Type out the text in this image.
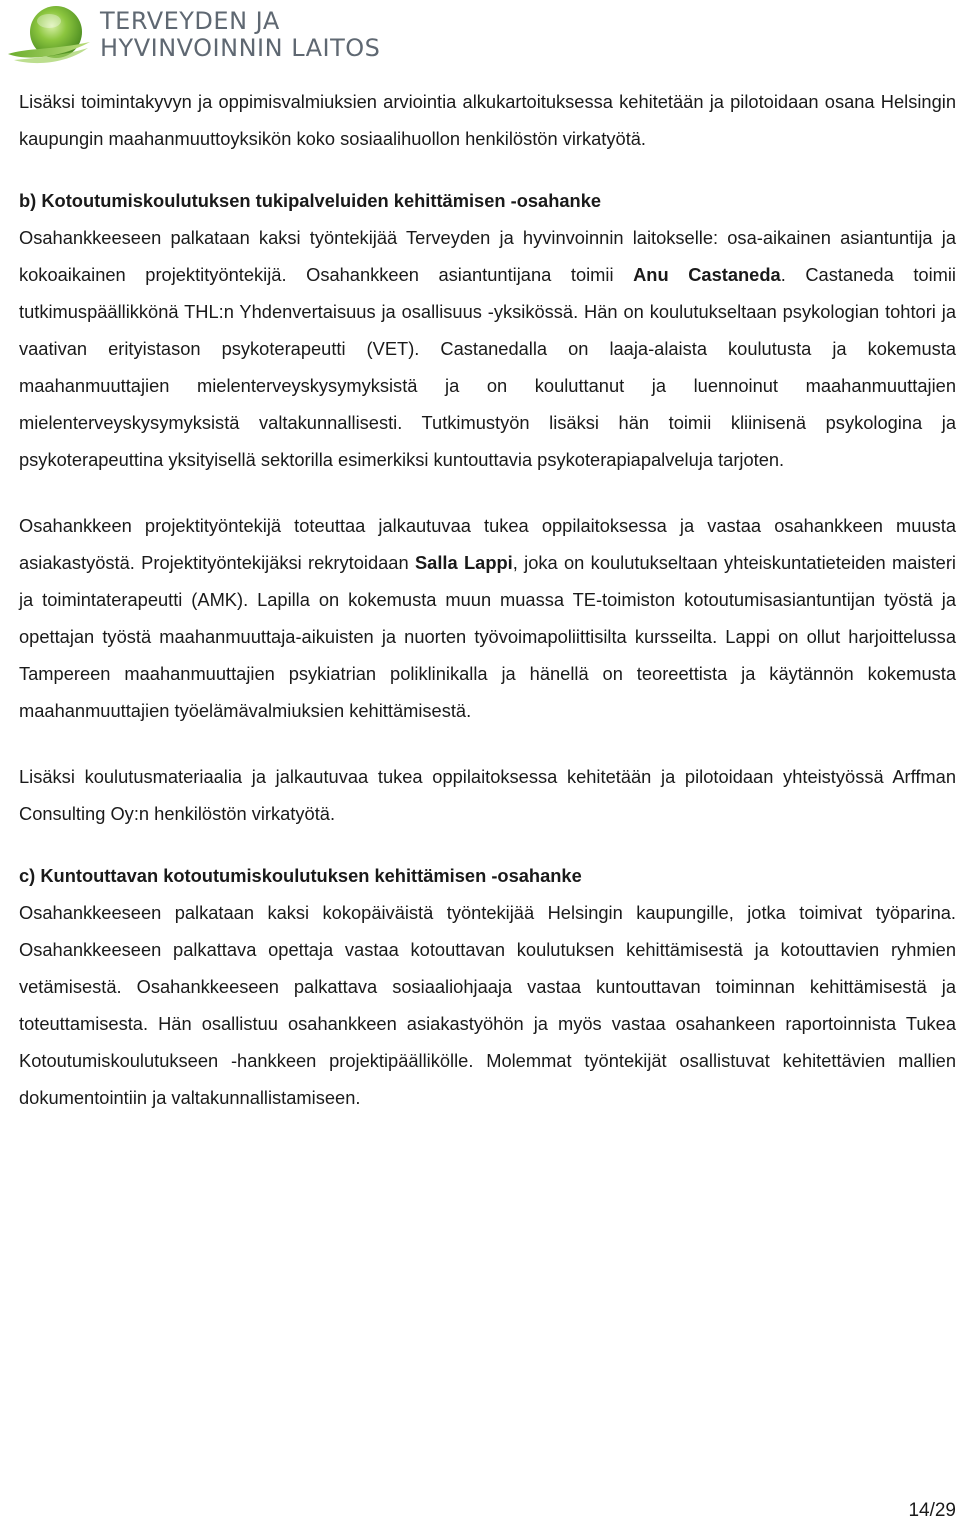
TERVEYDEN JA
HYVINVOINNIN LAITOS

Lisäksi toimintakyvyn ja oppimisvalmiuksien arviointia alkukartoituksessa kehitetään ja pilotoidaan osana Helsingin kaupungin maahanmuuttoyksikön koko sosiaalihuollon henkilöstön virkatyötä.

b) Kotoutumiskoulutuksen tukipalveluiden kehittämisen -osahanke

Osahankkeeseen palkataan kaksi työntekijää Terveyden ja hyvinvoinnin laitokselle: osa-aikainen asiantuntija ja kokoaikainen projektityöntekijä. Osahankkeen asiantuntijana toimii Anu Castaneda. Castaneda toimii tutkimuspäällikkönä THL:n Yhdenvertaisuus ja osallisuus -yksikössä. Hän on koulutukseltaan psykologian tohtori ja vaativan erityistason psykoterapeutti (VET). Castanedalla on laaja-alaista koulutusta ja kokemusta maahanmuuttajien mielenterveyskysymyksistä ja on kouluttanut ja luennoinut maahanmuuttajien mielenterveyskysymyksistä valtakunnallisesti. Tutkimustyön lisäksi hän toimii kliinisenä psykologina ja psykoterapeuttina yksityisellä sektorilla esimerkiksi kuntouttavia psykoterapiapalveluja tarjoten.

Osahankkeen projektityöntekijä toteuttaa jalkautuvaa tukea oppilaitoksessa ja vastaa osahankkeen muusta asiakastyöstä. Projektityöntekijäksi rekrytoidaan Salla Lappi, joka on koulutukseltaan yhteiskuntatieteiden maisteri ja toimintaterapeutti (AMK). Lapilla on kokemusta muun muassa TE-toimiston kotoutumisasiantuntijan työstä ja opettajan työstä maahanmuuttaja-aikuisten ja nuorten työvoimapoliittisilta kursseilta. Lappi on ollut harjoittelussa Tampereen maahanmuuttajien psykiatrian poliklinikalla ja hänellä on teoreettista ja käytännön kokemusta maahanmuuttajien työelämävalmiuksien kehittämisestä.

Lisäksi koulutusmateriaalia ja jalkautuvaa tukea oppilaitoksessa kehitetään ja pilotoidaan yhteistyössä Arffman Consulting Oy:n henkilöstön virkatyötä.

c) Kuntouttavan kotoutumiskoulutuksen kehittämisen -osahanke

Osahankkeeseen palkataan kaksi kokopäiväistä työntekijää Helsingin kaupungille, jotka toimivat työparina. Osahankkeeseen palkattava opettaja vastaa kotouttavan koulutuksen kehittämisestä ja kotouttavien ryhmien vetämisestä. Osahankkeeseen palkattava sosiaaliohjaaja vastaa kuntouttavan toiminnan kehittämisestä ja toteuttamisesta. Hän osallistuu osahankkeen asiakastyöhön ja myös vastaa osahankeen raportoinnista Tukea Kotoutumiskoulutukseen -hankkeen projektipäällikölle. Molemmat työntekijät osallistuvat kehitettävien mallien dokumentointiin ja valtakunnallistamiseen.

14/29
